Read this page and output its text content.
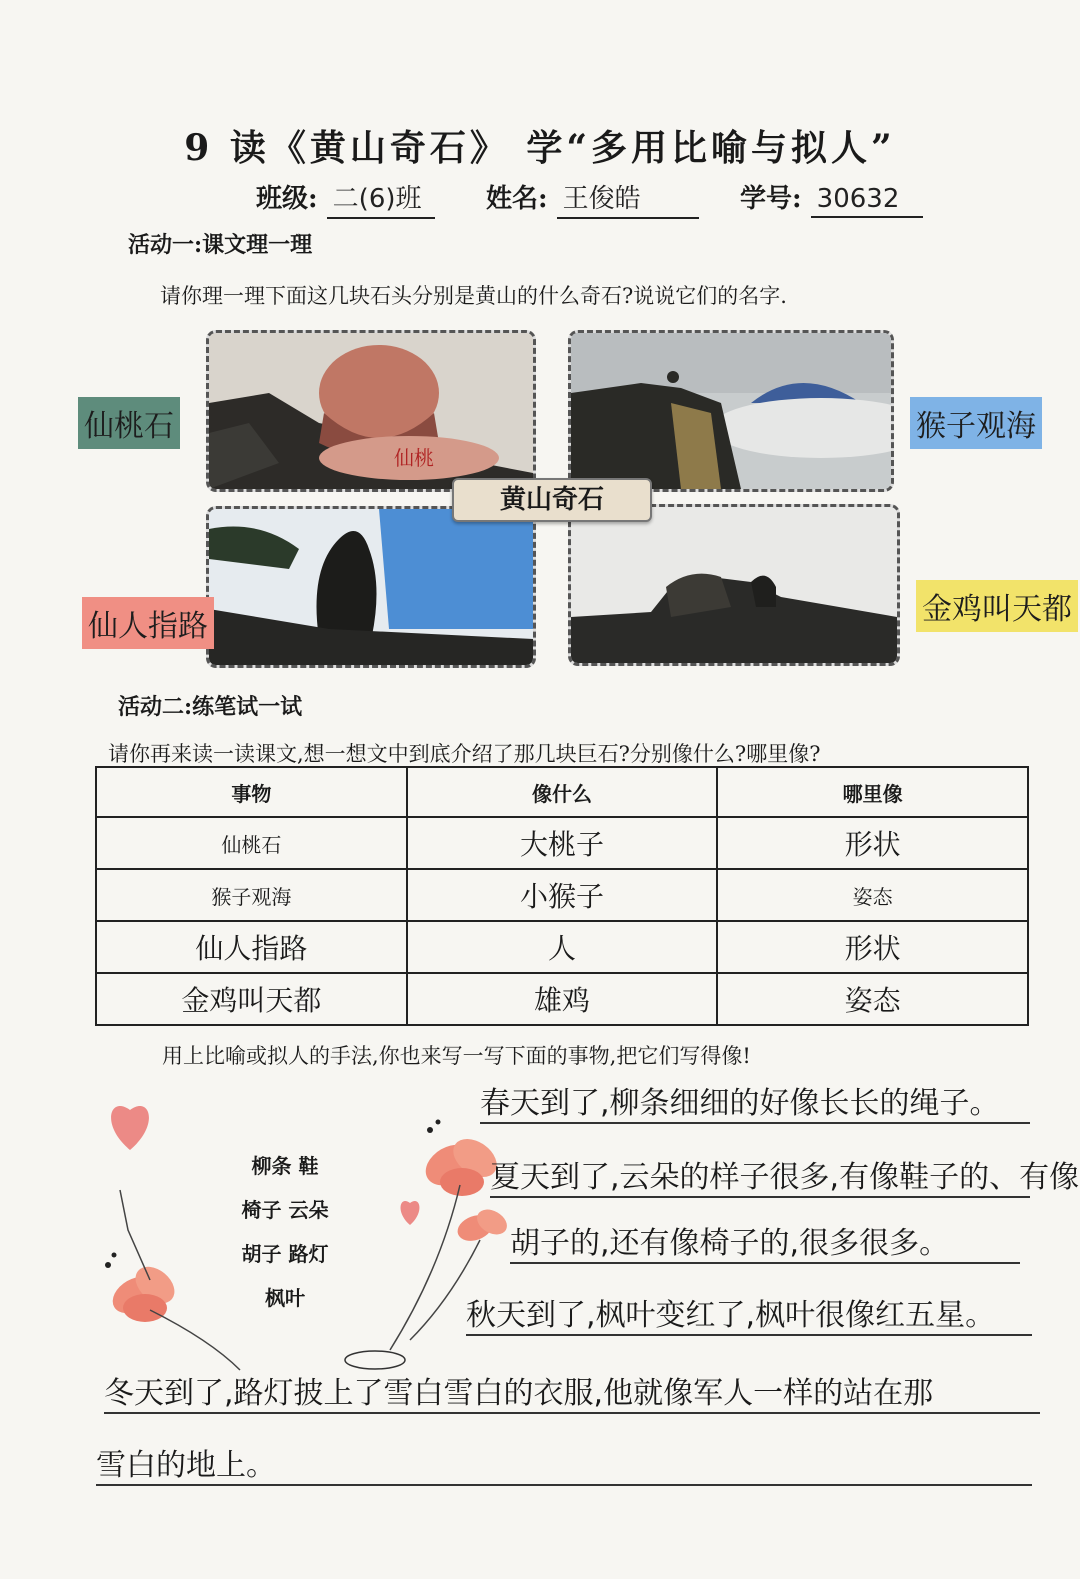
9 读《黄山奇石》 学“多用比喻与拟人”
班级: 二(6)班	姓名: 王俊皓	学号: 30632
活动一:课文理一理
请你理一理下面这几块石头分别是黄山的什么奇石?说说它们的名字.
仙桃
黄山奇石
仙桃石	猴子观海
仙人指路	金鸡叫天都
活动二:练笔试一试
请你再来读一读课文,想一想文中到底介绍了那几块巨石?分别像什么?哪里像?
事物	像什么	哪里像
仙桃石	大桃子	形状
猴子观海	小猴子	姿态
仙人指路	人	形状
金鸡叫天都	雄鸡	姿态
用上比喻或拟人的手法,你也来写一写下面的事物,把它们写得像!
柳条 鞋
椅子 云朵
胡子 路灯
枫叶
春天到了,柳条细细的好像长长的绳子。
夏天到了,云朵的样子很多,有像鞋子的、有像
胡子的,还有像椅子的,很多很多。
秋天到了,枫叶变红了,枫叶很像红五星。
冬天到了,路灯披上了雪白雪白的衣服,他就像军人一样的站在那
雪白的地上。
